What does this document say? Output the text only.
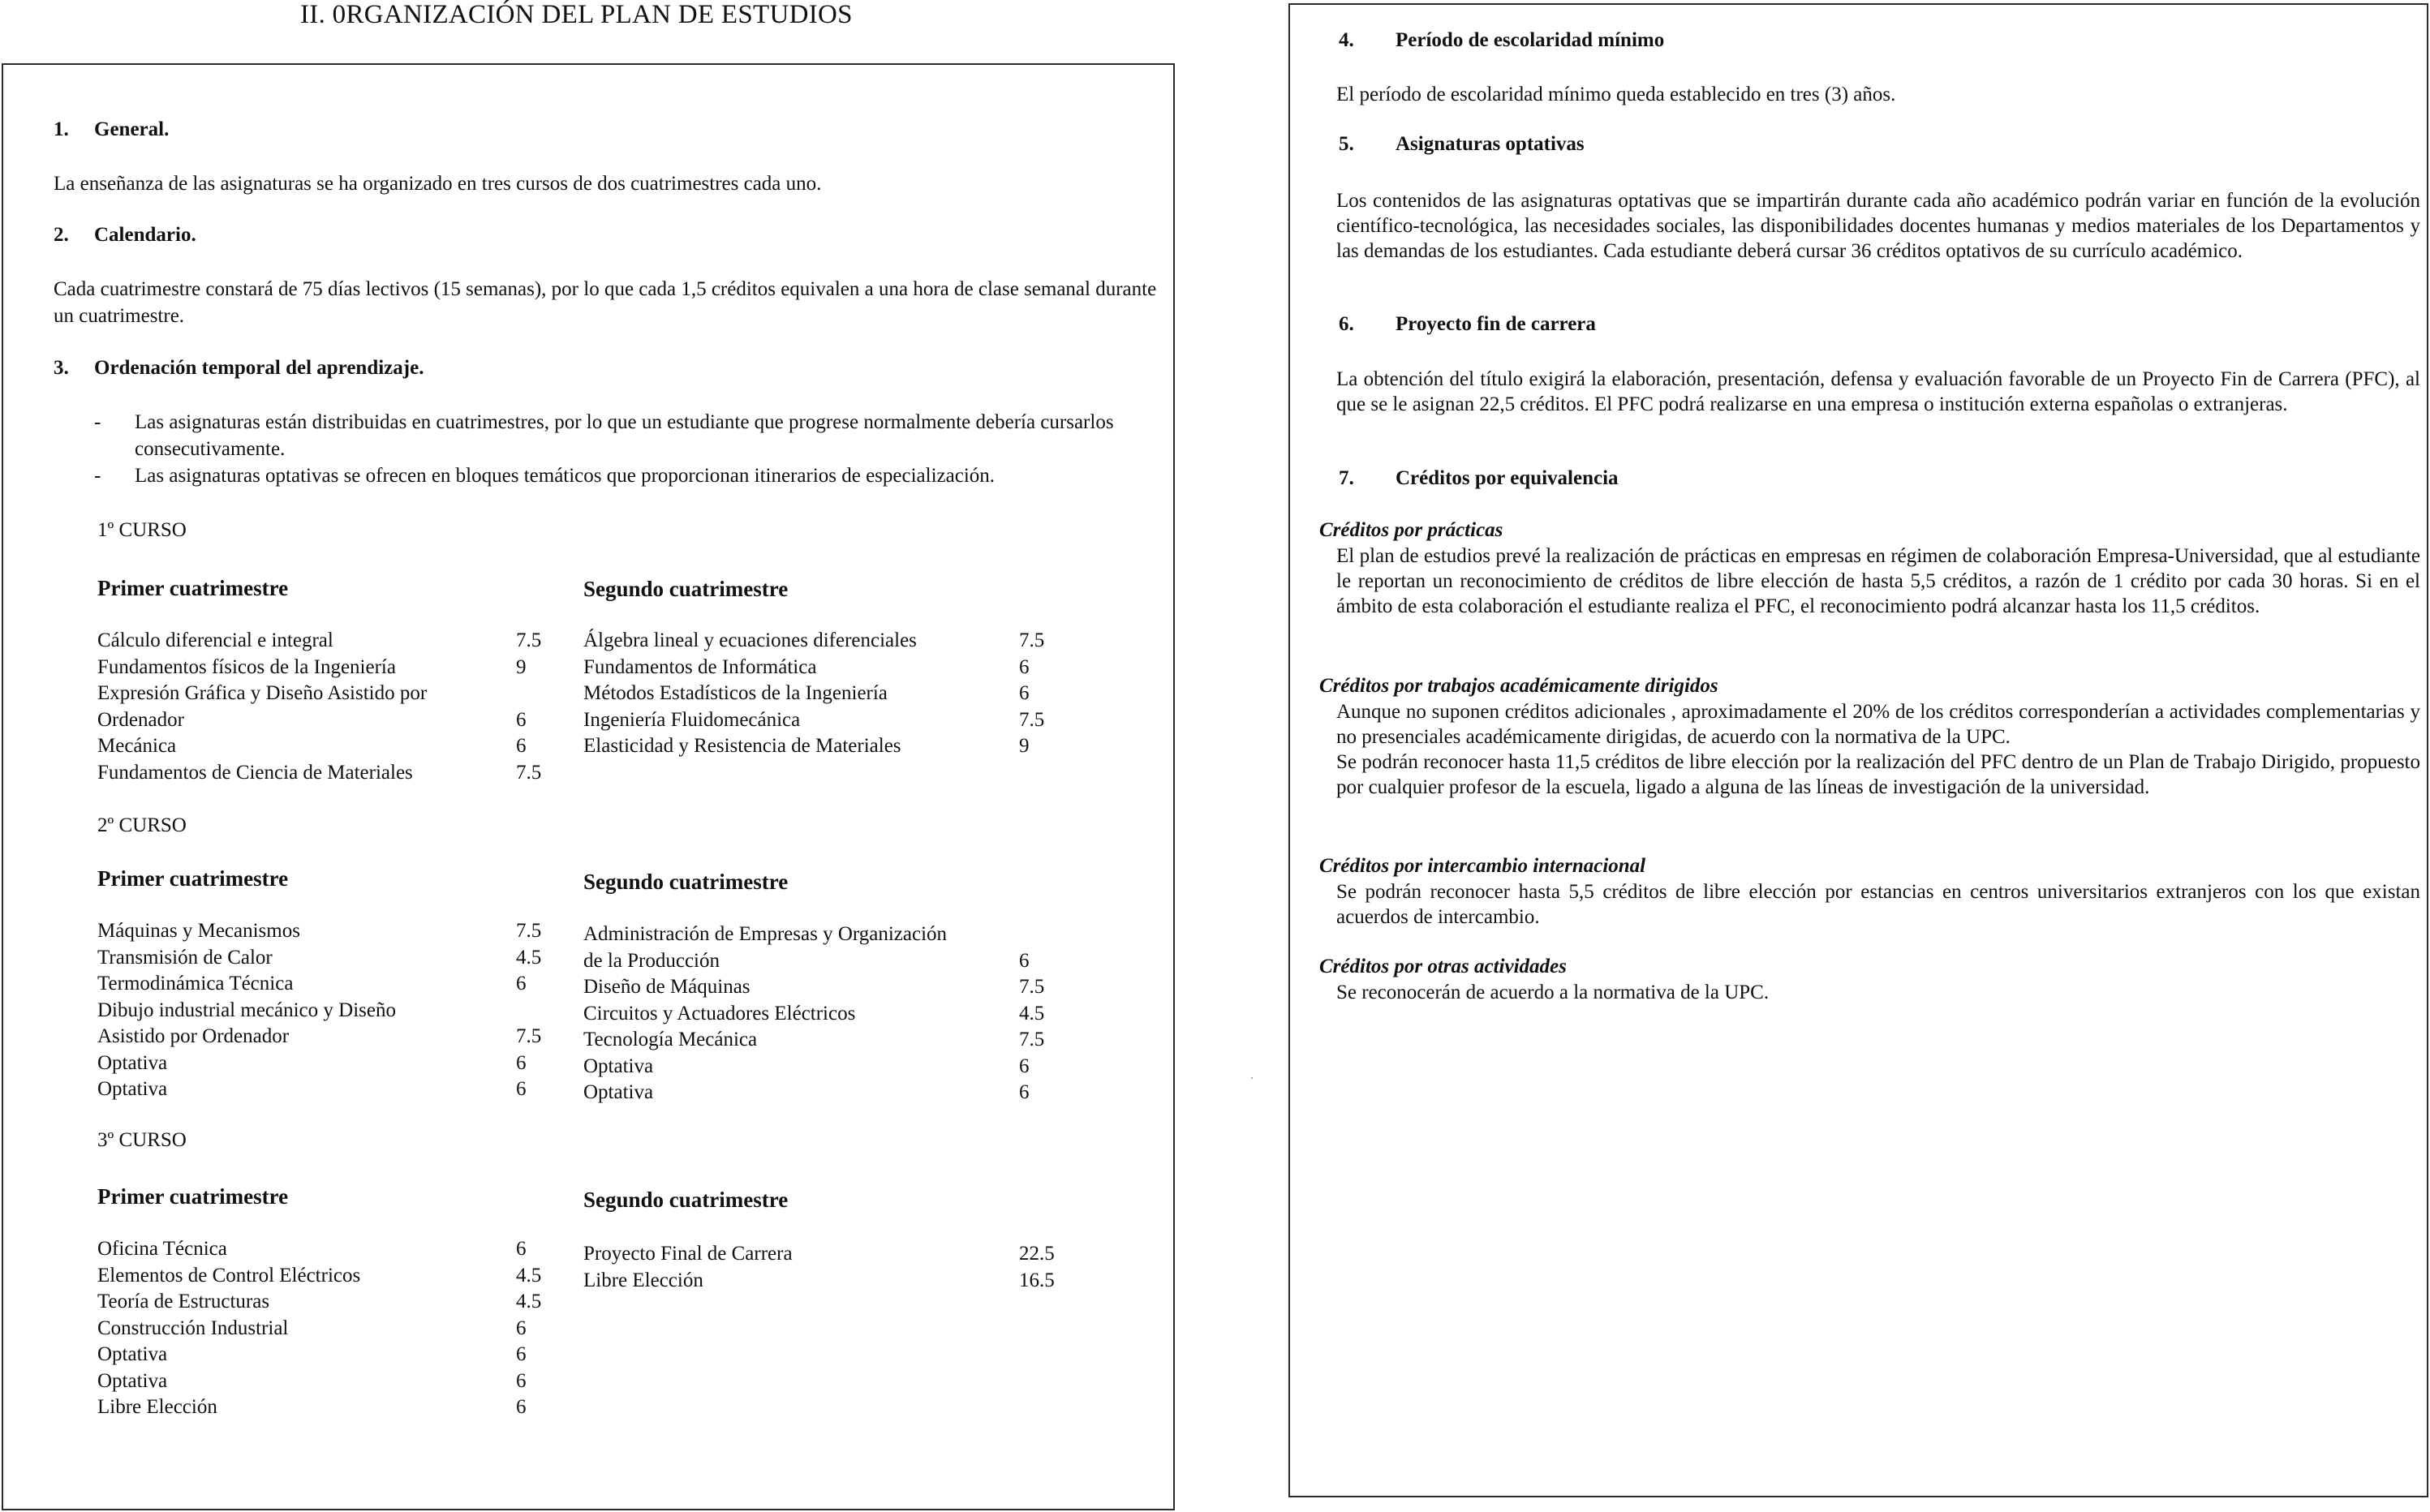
II. 0RGANIZACIÓN DEL PLAN DE ESTUDIOS
1. General.
La enseñanza de las asignaturas se ha organizado en tres cursos de dos cuatrimestres cada uno.
2. Calendario.
Cada cuatrimestre constará de 75 días lectivos (15 semanas), por lo que cada 1,5 créditos equivalen a una hora de clase semanal durante un cuatrimestre.
3. Ordenación temporal del aprendizaje.
- Las asignaturas están distribuidas en cuatrimestres, por lo que un estudiante que progrese normalmente debería cursarlos consecutivamente.
- Las asignaturas optativas se ofrecen en bloques temáticos que proporcionan itinerarios de especialización.
1º CURSO
Primer cuatrimestre	Segundo cuatrimestre
Cálculo diferencial e integral	7.5
Fundamentos físicos de la Ingeniería	9
Expresión Gráfica y Diseño Asistido por
Ordenador	6
Mecánica	6
Fundamentos de Ciencia de Materiales	7.5
Álgebra lineal y ecuaciones diferenciales	7.5
Fundamentos de Informática	6
Métodos Estadísticos de la Ingeniería	6
Ingeniería Fluidomecánica	7.5
Elasticidad y Resistencia de Materiales	9
2º CURSO
Primer cuatrimestre	Segundo cuatrimestre
Máquinas y Mecanismos	7.5
Transmisión de Calor	4.5
Termodinámica Técnica	6
Dibujo industrial mecánico y Diseño
Asistido por Ordenador	7.5
Optativa	6
Optativa	6
Administración de Empresas y Organización
de la Producción	6
Diseño de Máquinas	7.5
Circuitos y Actuadores Eléctricos	4.5
Tecnología Mecánica	7.5
Optativa	6
Optativa	6
3º CURSO
Primer cuatrimestre	Segundo cuatrimestre
Oficina Técnica	6
Elementos de Control Eléctricos	4.5
Teoría de Estructuras	4.5
Construcción Industrial	6
Optativa	6
Optativa	6
Libre Elección	6
Proyecto Final de Carrera	22.5
Libre Elección	16.5
4. Período de escolaridad mínimo
El período de escolaridad mínimo queda establecido en tres (3) años.
5. Asignaturas optativas
Los contenidos de las asignaturas optativas que se impartirán durante cada año académico podrán variar en función de la evolución científico-tecnológica, las necesidades sociales, las disponibilidades docentes humanas y medios materiales de los Departamentos y las demandas de los estudiantes. Cada estudiante deberá cursar 36 créditos optativos de su currículo académico.
6. Proyecto fin de carrera
La obtención del título exigirá la elaboración, presentación, defensa y evaluación favorable de un Proyecto Fin de Carrera (PFC), al que se le asignan 22,5 créditos. El PFC podrá realizarse en una empresa o institución externa españolas o extranjeras.
7. Créditos por equivalencia
Créditos por prácticas
El plan de estudios prevé la realización de prácticas en empresas en régimen de colaboración Empresa-Universidad, que al estudiante le reportan un reconocimiento de créditos de libre elección de hasta 5,5 créditos, a razón de 1 crédito por cada 30 horas. Si en el ámbito de esta colaboración el estudiante realiza el PFC, el reconocimiento podrá alcanzar hasta los 11,5 créditos.
Créditos por trabajos académicamente dirigidos
Aunque no suponen créditos adicionales , aproximadamente el 20% de los créditos corresponderían a actividades complementarias y no presenciales académicamente dirigidas, de acuerdo con la normativa de la UPC.
Se podrán reconocer hasta 11,5 créditos de libre elección por la realización del PFC dentro de un Plan de Trabajo Dirigido, propuesto por cualquier profesor de la escuela, ligado a alguna de las líneas de investigación de la universidad.
Créditos por intercambio internacional
Se podrán reconocer hasta 5,5 créditos de libre elección por estancias en centros universitarios extranjeros con los que existan acuerdos de intercambio.
Créditos por otras actividades
Se reconocerán de acuerdo a la normativa de la UPC.
